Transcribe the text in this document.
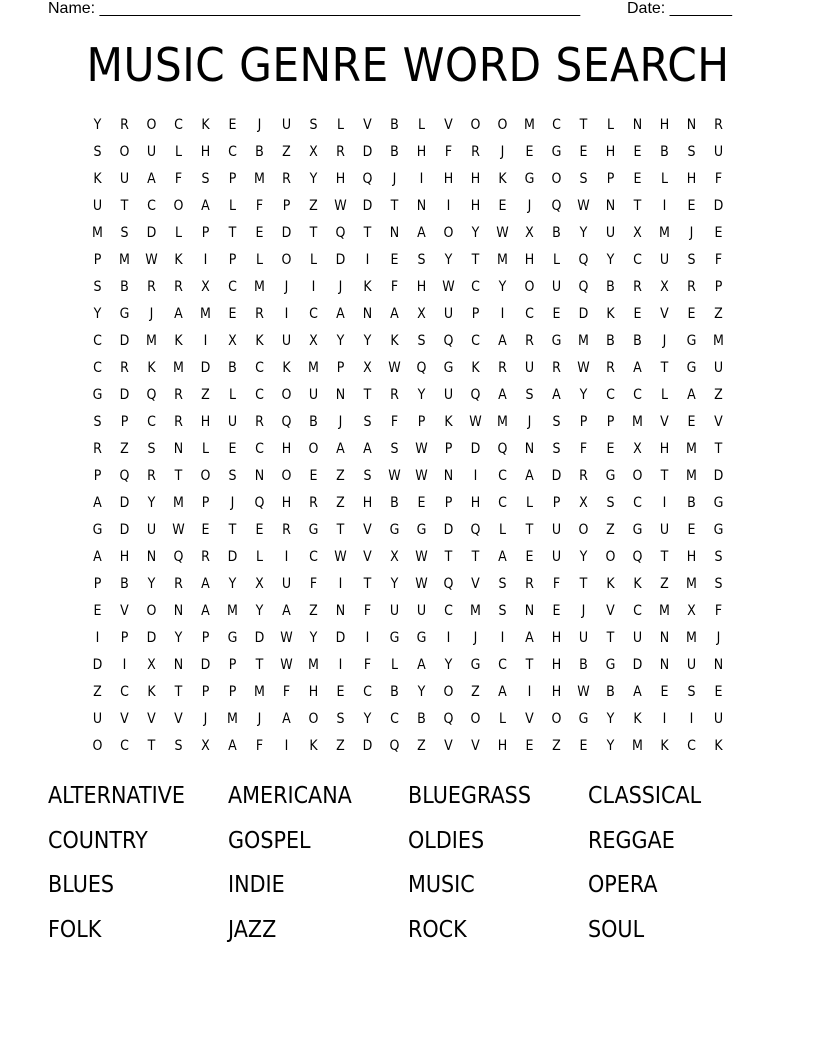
Name: ______________________________________________________	Date: _______
MUSIC GENRE WORD SEARCH
Y	R	O	C	K	E	J	U	S	L	V	B	L	V	O	O	M	C	T	L	N	H	N	R
S	O	U	L	H	C	B	Z	X	R	D	B	H	F	R	J	E	G	E	H	E	B	S	U
K	U	A	F	S	P	M	R	Y	H	Q	J	I	H	H	K	G	O	S	P	E	L	H	F
U	T	C	O	A	L	F	P	Z	W	D	T	N	I	H	E	J	Q	W	N	T	I	E	D
M	S	D	L	P	T	E	D	T	Q	T	N	A	O	Y	W	X	B	Y	U	X	M	J	E
P	M	W	K	I	P	L	O	L	D	I	E	S	Y	T	M	H	L	Q	Y	C	U	S	F
S	B	R	R	X	C	M	J	I	J	K	F	H	W	C	Y	O	U	Q	B	R	X	R	P
Y	G	J	A	M	E	R	I	C	A	N	A	X	U	P	I	C	E	D	K	E	V	E	Z
C	D	M	K	I	X	K	U	X	Y	Y	K	S	Q	C	A	R	G	M	B	B	J	G	M
C	R	K	M	D	B	C	K	M	P	X	W	Q	G	K	R	U	R	W	R	A	T	G	U
G	D	Q	R	Z	L	C	O	U	N	T	R	Y	U	Q	A	S	A	Y	C	C	L	A	Z
S	P	C	R	H	U	R	Q	B	J	S	F	P	K	W	M	J	S	P	P	M	V	E	V
R	Z	S	N	L	E	C	H	O	A	A	S	W	P	D	Q	N	S	F	E	X	H	M	T
P	Q	R	T	O	S	N	O	E	Z	S	W	W	N	I	C	A	D	R	G	O	T	M	D
A	D	Y	M	P	J	Q	H	R	Z	H	B	E	P	H	C	L	P	X	S	C	I	B	G
G	D	U	W	E	T	E	R	G	T	V	G	G	D	Q	L	T	U	O	Z	G	U	E	G
A	H	N	Q	R	D	L	I	C	W	V	X	W	T	T	A	E	U	Y	O	Q	T	H	S
P	B	Y	R	A	Y	X	U	F	I	T	Y	W	Q	V	S	R	F	T	K	K	Z	M	S
E	V	O	N	A	M	Y	A	Z	N	F	U	U	C	M	S	N	E	J	V	C	M	X	F
I	P	D	Y	P	G	D	W	Y	D	I	G	G	I	J	I	A	H	U	T	U	N	M	J
D	I	X	N	D	P	T	W	M	I	F	L	A	Y	G	C	T	H	B	G	D	N	U	N
Z	C	K	T	P	P	M	F	H	E	C	B	Y	O	Z	A	I	H	W	B	A	E	S	E
U	V	V	V	J	M	J	A	O	S	Y	C	B	Q	O	L	V	O	G	Y	K	I	I	U
O	C	T	S	X	A	F	I	K	Z	D	Q	Z	V	V	H	E	Z	E	Y	M	K	C	K
ALTERNATIVE	AMERICANA	BLUEGRASS	CLASSICAL
COUNTRY	GOSPEL	OLDIES	REGGAE
BLUES	INDIE	MUSIC	OPERA
FOLK	JAZZ	ROCK	SOUL
